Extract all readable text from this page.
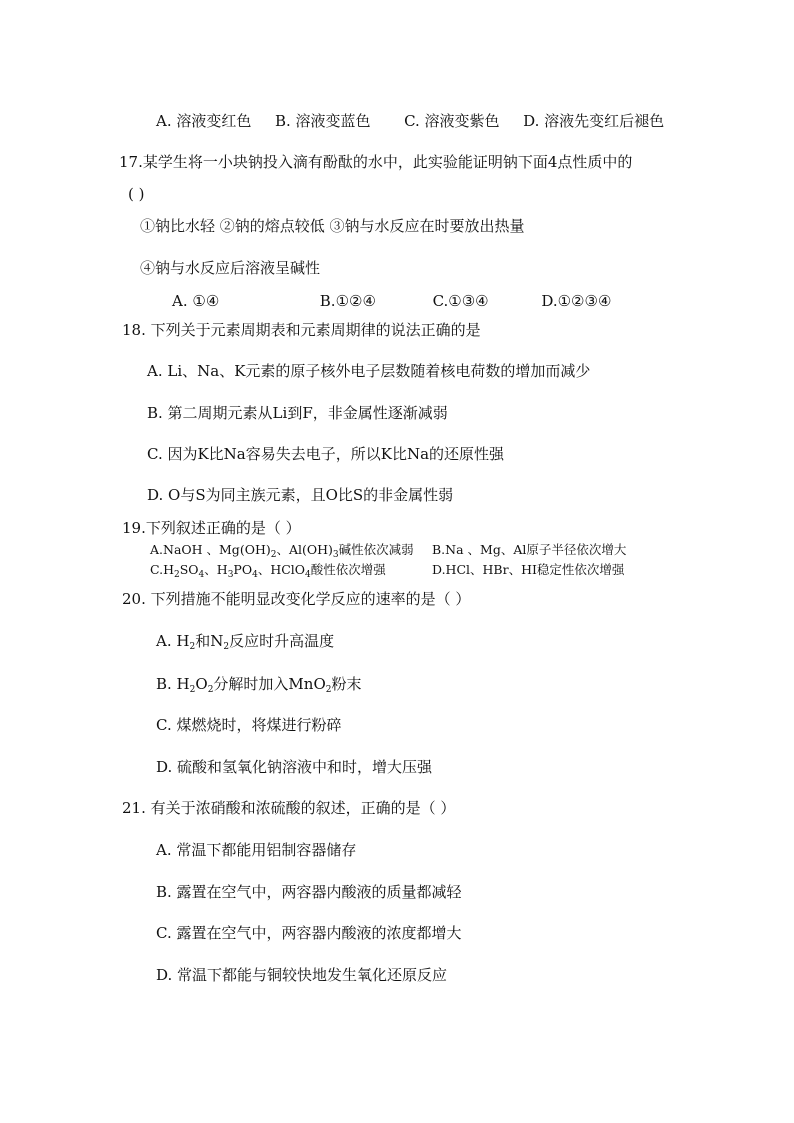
A. 溶液变红色 B. 溶液变蓝色 C. 溶液变紫色 D. 溶液先变红后褪色
17.某学生将一小块钠投入滴有酚酞的水中，此实验能证明钠下面4点性质中的
( )
①钠比水轻 ②钠的熔点较低 ③钠与水反应在时要放出热量
④钠与水反应后溶液呈碱性
A. ①④	B.①②④	C.①③④	D.①②③④
18. 下列关于元素周期表和元素周期律的说法正确的是
A. Li、Na、K元素的原子核外电子层数随着核电荷数的增加而减少
B. 第二周期元素从Li到F，非金属性逐渐减弱
C. 因为K比Na容易失去电子，所以K比Na的还原性强
D. O与S为同主族元素，且O比S的非金属性弱
19.下列叙述正确的是（ ）
A.NaOH 、$Mg(OH)_2$、$Al(OH)_3$碱性依次减弱 B.Na 、Mg、Al原子半径依次增大
$C.H_2SO_4$、$H_3PO_4$、HClO$_4$酸性依次增强	D.HCl、HBr、HI稳定性依次增强
20. 下列措施不能明显改变化学反应的速率的是（ ）
A. $H_2$和$N_2$反应时升高温度
B. $H_2O_2$分解时加入MnO$_2$粉末
C. 煤燃烧时，将煤进行粉碎
D. 硫酸和氢氧化钠溶液中和时，增大压强
21. 有关于浓硝酸和浓硫酸的叙述，正确的是（ ）
A. 常温下都能用铝制容器储存
B. 露置在空气中，两容器内酸液的质量都减轻
C. 露置在空气中，两容器内酸液的浓度都增大
D. 常温下都能与铜较快地发生氧化还原反应
